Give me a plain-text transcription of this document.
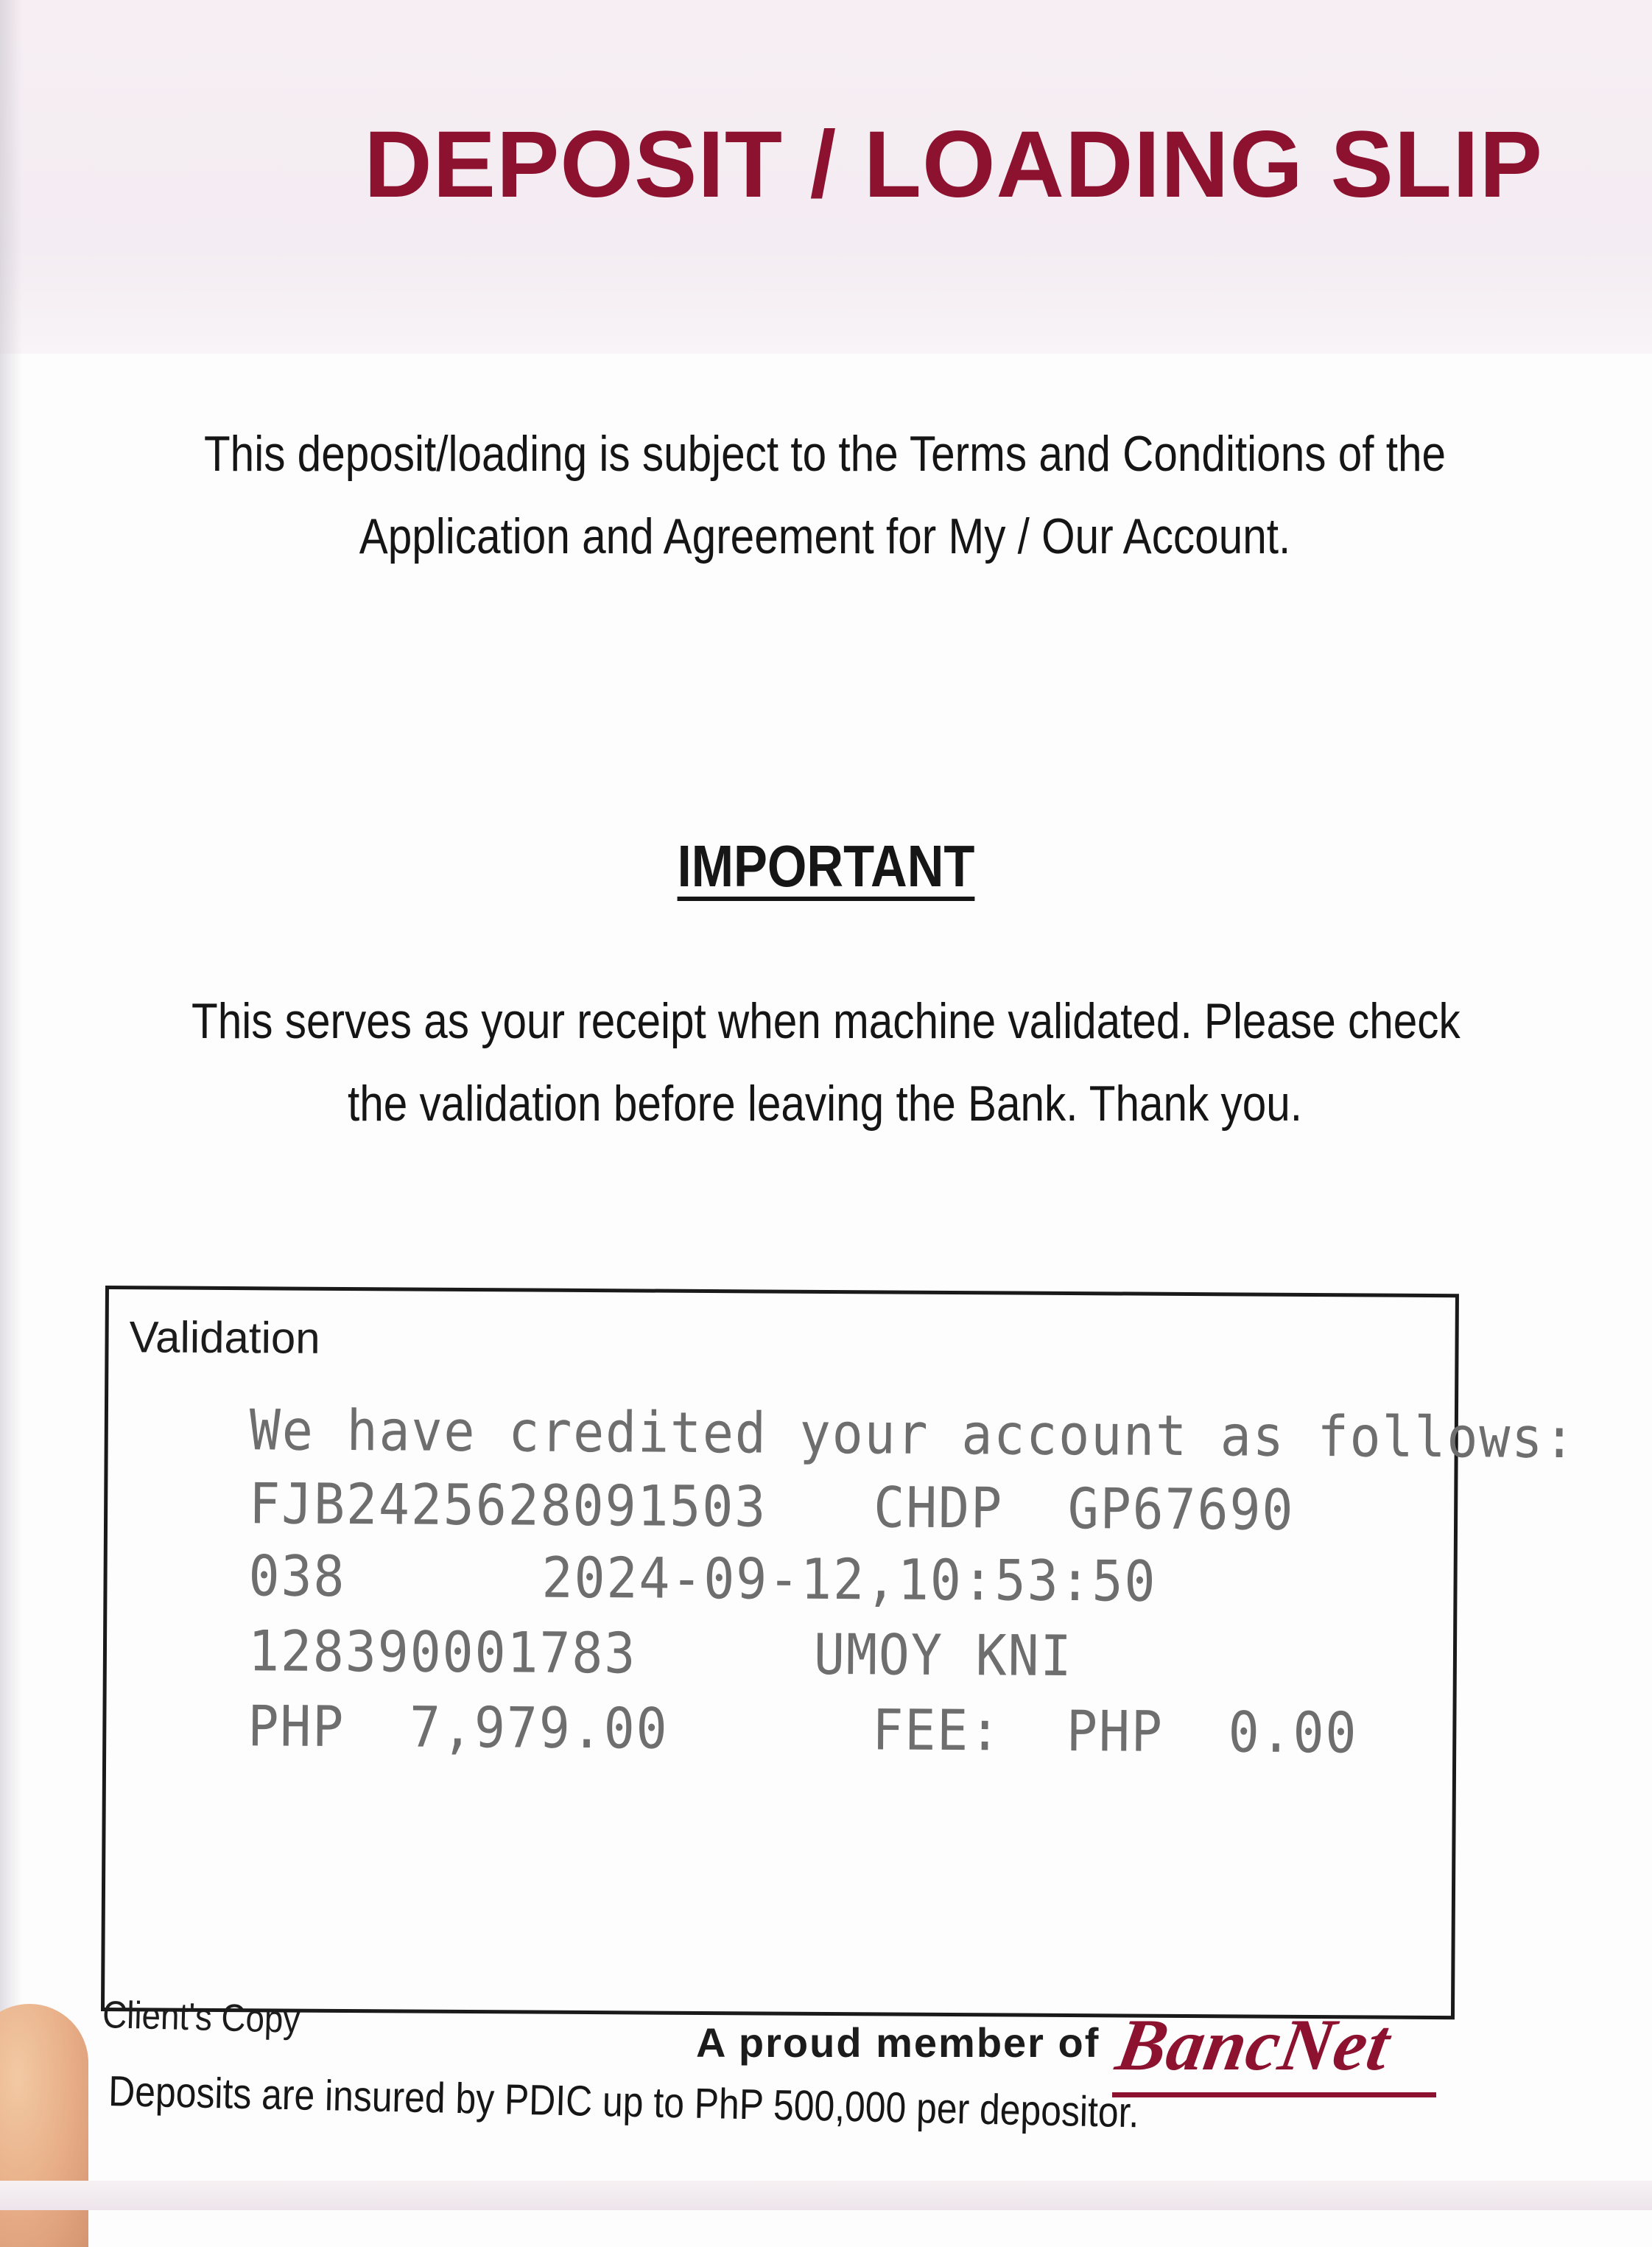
DEPOSIT / LOADING SLIP
This deposit/loading is subject to the Terms and Conditions of the
Application and Agreement for My / Our Account.
IMPORTANT
This serves as your receipt when machine validated. Please check
the validation before leaving the Bank. Thank you.
Validation
We have credited your account as follows:
FJB2425628091503 CHDP  GP67690
038	2024-09-12,10:53:50
128390001783	UMOY KNI
PHP  7,979.00	FEE:  PHP  0.00
Client's Copy
A proud member of BancNet
Deposits are insured by PDIC up to PhP 500,000 per depositor.
